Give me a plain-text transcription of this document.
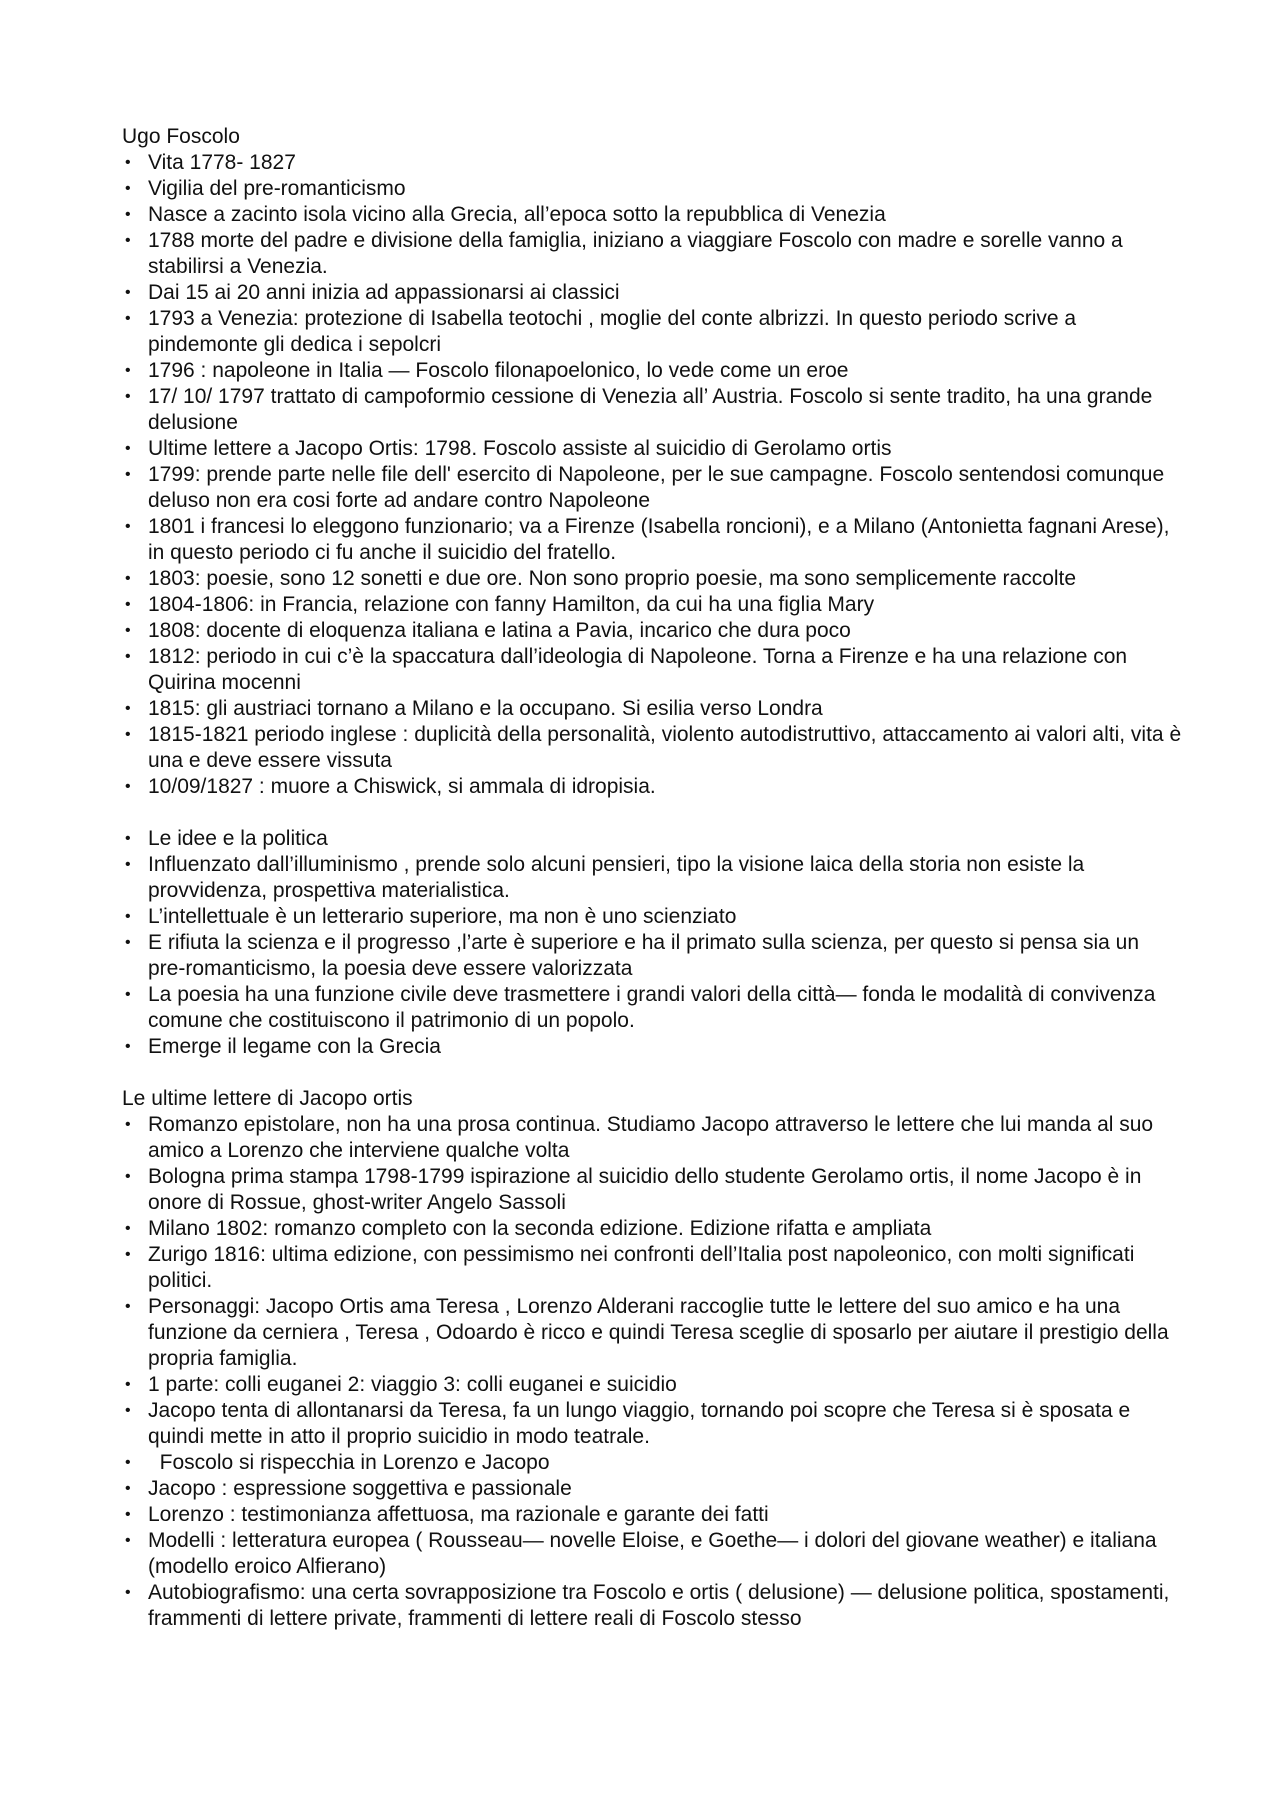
Ugo Foscolo

• Vita 1778- 1827
• Vigilia del pre-romanticismo
• Nasce a zacinto isola vicino alla Grecia, all’epoca sotto la repubblica di Venezia
• 1788 morte del padre e divisione della famiglia, iniziano a viaggiare Foscolo con madre e sorelle vanno a stabilirsi a Venezia.
• Dai 15 ai 20 anni inizia ad appassionarsi ai classici
• 1793 a Venezia: protezione di Isabella teotochi , moglie del conte albrizzi. In questo periodo scrive a pindemonte gli dedica i sepolcri
• 1796 : napoleone in Italia — Foscolo filonapoelonico, lo vede come un eroe
• 17/ 10/ 1797 trattato di campoformio cessione di Venezia all’ Austria. Foscolo si sente tradito, ha una grande delusione
• Ultime lettere a Jacopo Ortis: 1798. Foscolo assiste al suicidio di Gerolamo ortis
• 1799: prende parte nelle file dell' esercito di Napoleone, per le sue campagne. Foscolo sentendosi comunque deluso non era cosi forte ad andare contro Napoleone
• 1801 i francesi lo eleggono funzionario; va a Firenze (Isabella roncioni), e a Milano (Antonietta fagnani Arese), in questo periodo ci fu anche il suicidio del fratello.
• 1803: poesie, sono 12 sonetti e due ore. Non sono proprio poesie, ma sono semplicemente raccolte
• 1804-1806: in Francia, relazione con fanny Hamilton, da cui ha una figlia Mary
• 1808: docente di eloquenza italiana e latina a Pavia, incarico che dura poco
• 1812: periodo in cui c’è la spaccatura dall’ideologia di Napoleone. Torna a Firenze e ha una relazione con Quirina mocenni
• 1815: gli austriaci tornano a Milano e la occupano. Si esilia verso Londra
• 1815-1821 periodo inglese : duplicità della personalità, violento autodistruttivo, attaccamento ai valori alti, vita è una e deve essere vissuta
• 10/09/1827 : muore a Chiswick, si ammala di idropisia.
• Le idee e la politica
• Influenzato dall’illuminismo , prende solo alcuni pensieri, tipo la visione laica della storia non esiste la provvidenza, prospettiva materialistica.
• L’intellettuale è un letterario superiore, ma non è uno scienziato
• E rifiuta la scienza e il progresso ,l’arte è superiore e ha il primato sulla scienza, per questo si pensa sia un pre-romanticismo, la poesia deve essere valorizzata
• La poesia ha una funzione civile deve trasmettere i grandi valori della città— fonda le modalità di convivenza comune che costituiscono il patrimonio di un popolo.
• Emerge il legame con la Grecia

Le ultime lettere di Jacopo ortis

• Romanzo epistolare, non ha una prosa continua. Studiamo Jacopo attraverso le lettere che lui manda al suo amico a Lorenzo che interviene qualche volta
• Bologna prima stampa 1798-1799 ispirazione al suicidio dello studente Gerolamo ortis, il nome Jacopo è in onore di Rossue, ghost-writer Angelo Sassoli
• Milano 1802: romanzo completo con la seconda edizione. Edizione rifatta e ampliata
• Zurigo 1816: ultima edizione, con pessimismo nei confronti dell’Italia post napoleonico, con molti significati politici.
• Personaggi: Jacopo Ortis ama Teresa , Lorenzo Alderani raccoglie tutte le lettere del suo amico e ha una funzione da cerniera , Teresa , Odoardo è ricco e quindi Teresa sceglie di sposarlo per aiutare il prestigio della propria famiglia.
• 1 parte: colli euganei 2: viaggio 3: colli euganei e suicidio
• Jacopo tenta di allontanarsi da Teresa, fa un lungo viaggio, tornando poi scopre che Teresa si è sposata e quindi mette in atto il proprio suicidio in modo teatrale.
• Foscolo si rispecchia in Lorenzo e Jacopo
• Jacopo : espressione soggettiva e passionale
• Lorenzo : testimonianza affettuosa, ma razionale e garante dei fatti
• Modelli : letteratura europea ( Rousseau— novelle Eloise, e Goethe— i dolori del giovane weather) e italiana (modello eroico Alfierano)
• Autobiografismo: una certa sovrapposizione tra Foscolo e ortis ( delusione) — delusione politica, spostamenti, frammenti di lettere private, frammenti di lettere reali di Foscolo stesso
